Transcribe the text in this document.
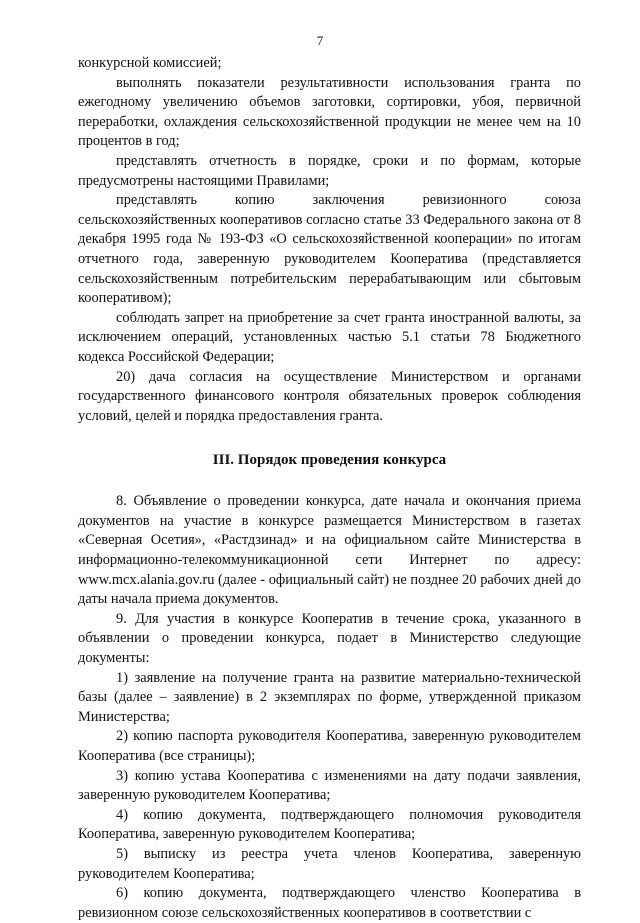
7

конкурсной комиссией;

выполнять показатели результативности использования гранта по ежегодному увеличению объемов заготовки, сортировки, убоя, первичной переработки, охлаждения сельскохозяйственной продукции не менее чем на 10 процентов в год;

представлять отчетность в порядке, сроки и по формам, которые предусмотрены настоящими Правилами;

представлять копию заключения ревизионного союза сельскохозяйственных кооперативов согласно статье 33 Федерального закона от 8 декабря 1995 года № 193-ФЗ «О сельскохозяйственной кооперации» по итогам отчетного года, заверенную руководителем Кооператива (представляется сельскохозяйственным потребительским перерабатывающим или сбытовым кооперативом);

соблюдать запрет на приобретение за счет гранта иностранной валюты, за исключением операций, установленных частью 5.1 статьи 78 Бюджетного кодекса Российской Федерации;

20) дача согласия на осуществление Министерством и органами государственного финансового контроля обязательных проверок соблюдения условий, целей и порядка предоставления гранта.

III. Порядок проведения конкурса

8. Объявление о проведении конкурса, дате начала и окончания приема документов на участие в конкурсе размещается Министерством в газетах «Северная Осетия», «Растдзинад» и на официальном сайте Министерства в информационно-телекоммуникационной сети Интернет по адресу: www.mcx.alania.gov.ru (далее - официальный сайт) не позднее 20 рабочих дней до даты начала приема документов.

9. Для участия в конкурсе Кооператив в течение срока, указанного в объявлении о проведении конкурса, подает в Министерство следующие документы:

1) заявление на получение гранта на развитие материально-технической базы (далее – заявление) в 2 экземплярах по форме, утвержденной приказом Министерства;

2) копию паспорта руководителя Кооператива, заверенную руководителем Кооператива (все страницы);

3) копию устава Кооператива с изменениями на дату подачи заявления, заверенную руководителем Кооператива;

4) копию документа, подтверждающего полномочия руководителя Кооператива, заверенную руководителем Кооператива;

5) выписку из реестра учета членов Кооператива, заверенную руководителем Кооператива;

6) копию документа, подтверждающего членство Кооператива в ревизионном союзе сельскохозяйственных кооперативов в соответствии с
